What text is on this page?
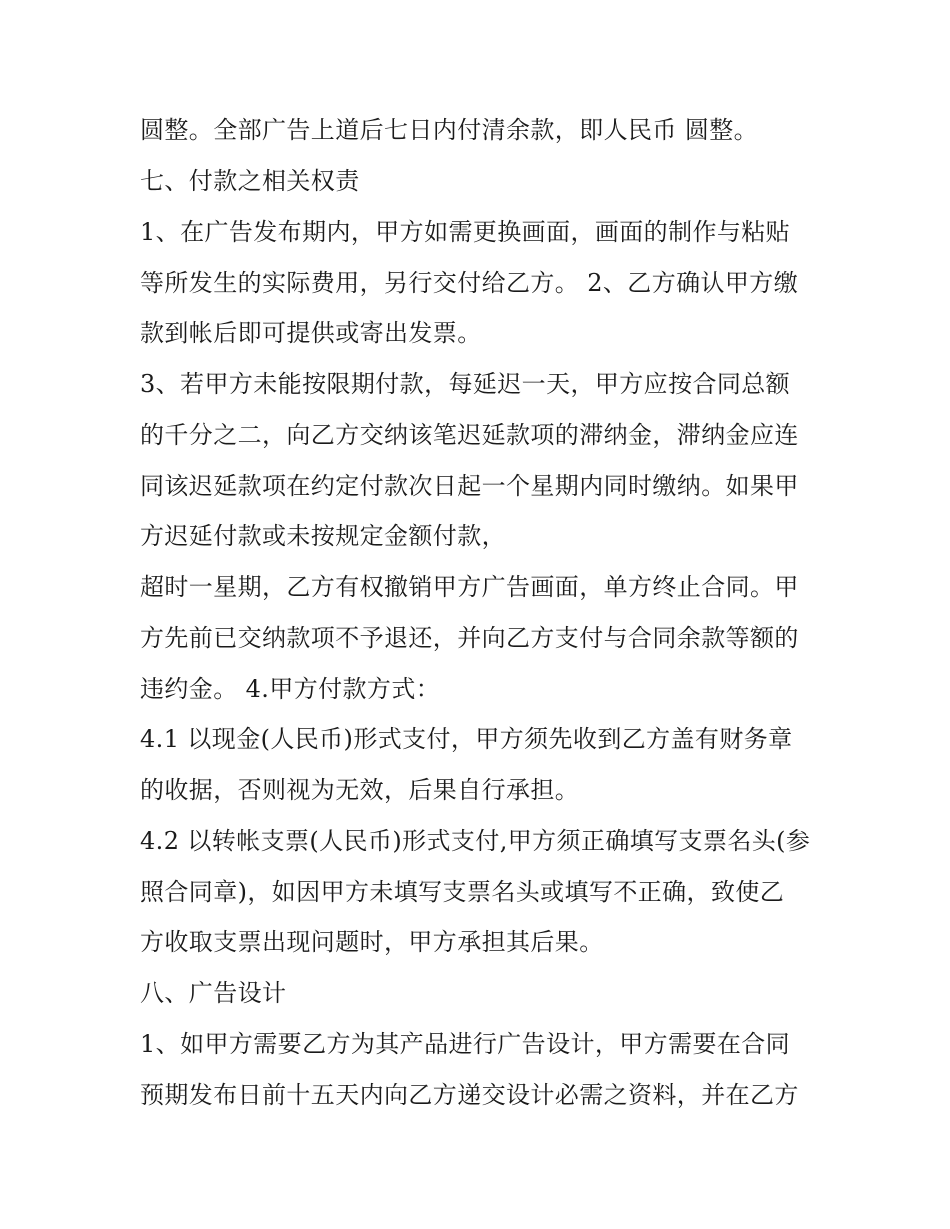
圆整。全部广告上道后七日内付清余款，即人民币 圆整。

七、付款之相关权责

1、在广告发布期内，甲方如需更换画面，画面的制作与粘贴

等所发生的实际费用，另行交付给乙方。 2、乙方确认甲方缴

款到帐后即可提供或寄出发票。

3、若甲方未能按限期付款，每延迟一天，甲方应按合同总额

的千分之二，向乙方交纳该笔迟延款项的滞纳金，滞纳金应连

同该迟延款项在约定付款次日起一个星期内同时缴纳。如果甲

方迟延付款或未按规定金额付款，

超时一星期，乙方有权撤销甲方广告画面，单方终止合同。甲

方先前已交纳款项不予退还，并向乙方支付与合同余款等额的

违约金。 4.甲方付款方式：

4.1 以现金(人民币)形式支付，甲方须先收到乙方盖有财务章

的收据，否则视为无效，后果自行承担。

4.2 以转帐支票(人民币)形式支付,甲方须正确填写支票名头(参

照合同章)，如因甲方未填写支票名头或填写不正确，致使乙

方收取支票出现问题时，甲方承担其后果。

八、广告设计

1、如甲方需要乙方为其产品进行广告设计，甲方需要在合同

预期发布日前十五天内向乙方递交设计必需之资料，并在乙方
